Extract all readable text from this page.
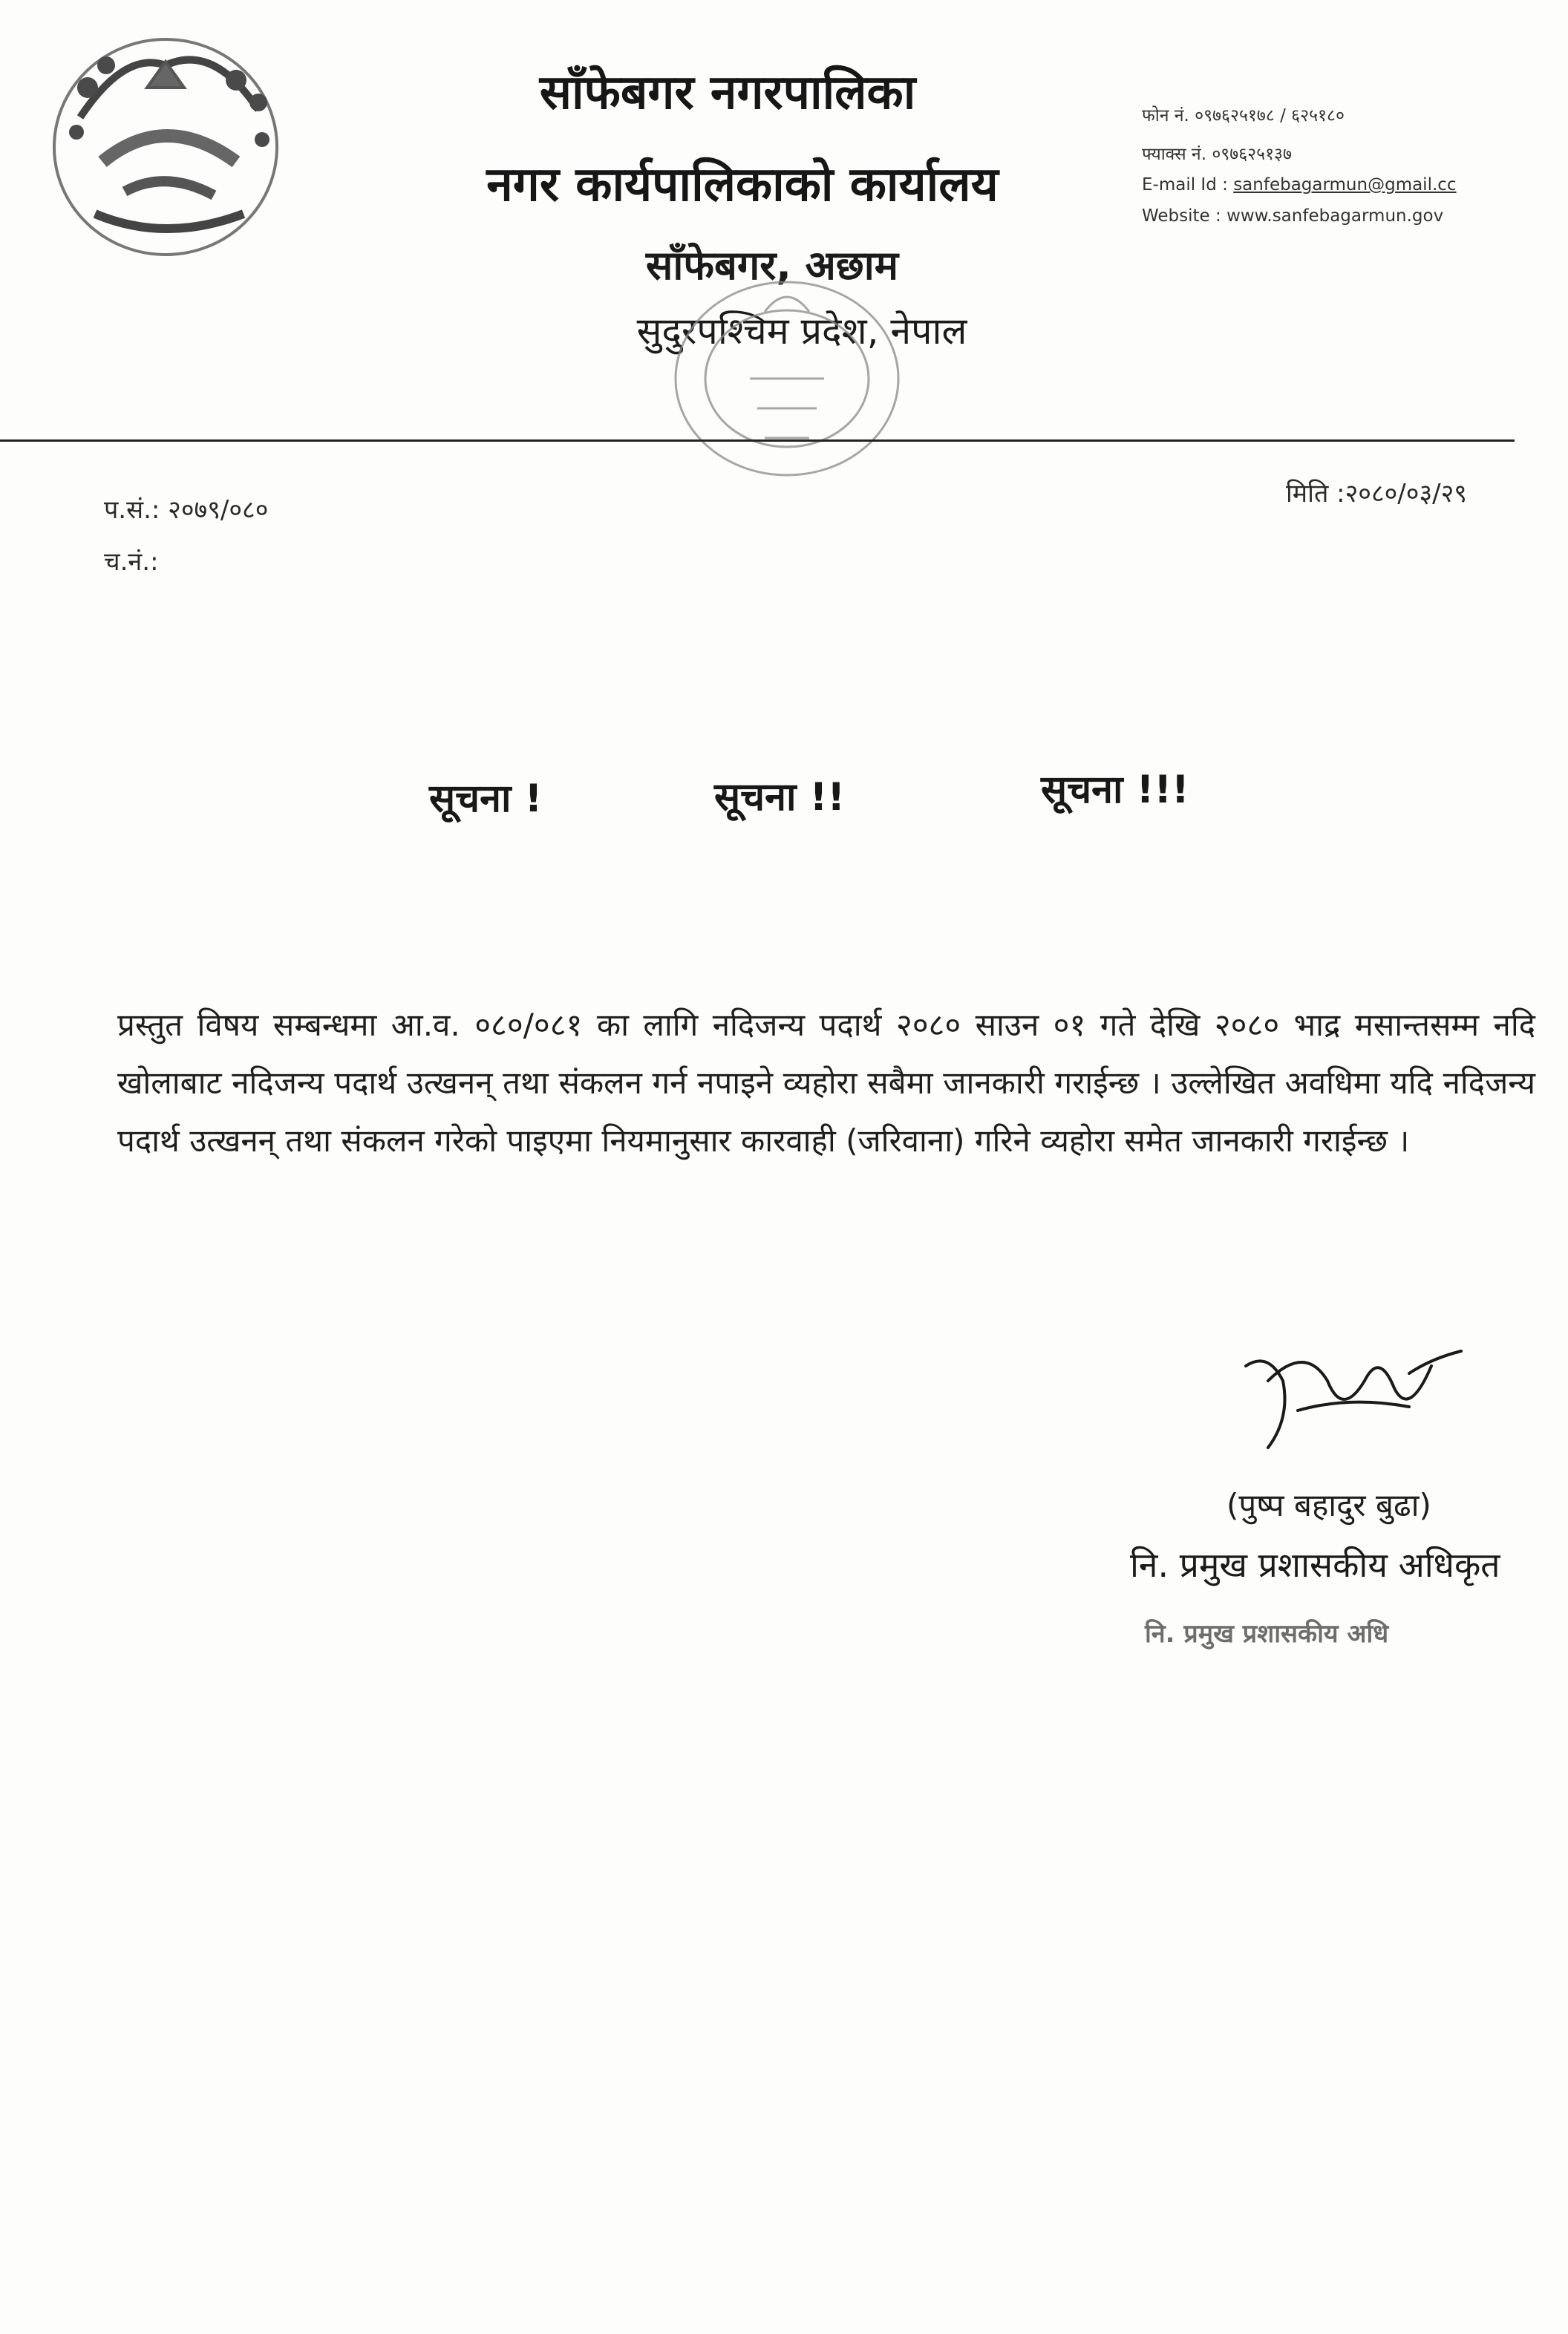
साँफेबगर नगरपालिका
नगर कार्यपालिकाको कार्यालय
साँफेबगर, अछाम
सुदुरपश्चिम प्रदेश, नेपाल
फोन नं. ०९७६२५१७८ / ६२५१८०
फ्याक्स नं. ०९७६२५१३७
E-mail Id : sanfebagarmun@gmail.cc
Website : www.sanfebagarmun.gov
प.सं.: २०७९/०८०
च.नं.:
मिति :२०८०/०३/२९
सूचना !	सूचना !!	सूचना !!!
प्रस्तुत विषय सम्बन्धमा आ.व. ०८०/०८१ का लागि नदिजन्य पदार्थ २०८० साउन ०१ गते देखि २०८० भाद्र मसान्तसम्म नदि खोलाबाट नदिजन्य पदार्थ उत्खनन् तथा संकलन गर्न नपाइने व्यहोरा सबैमा जानकारी गराईन्छ । उल्लेखित अवधिमा यदि नदिजन्य पदार्थ उत्खनन् तथा संकलन गरेको पाइएमा नियमानुसार कारवाही (जरिवाना) गरिने व्यहोरा समेत जानकारी गराईन्छ ।
(पुष्प बहादुर बुढा)
नि. प्रमुख प्रशासकीय अधिकृत
नि. प्रमुख प्रशासकीय अधि
